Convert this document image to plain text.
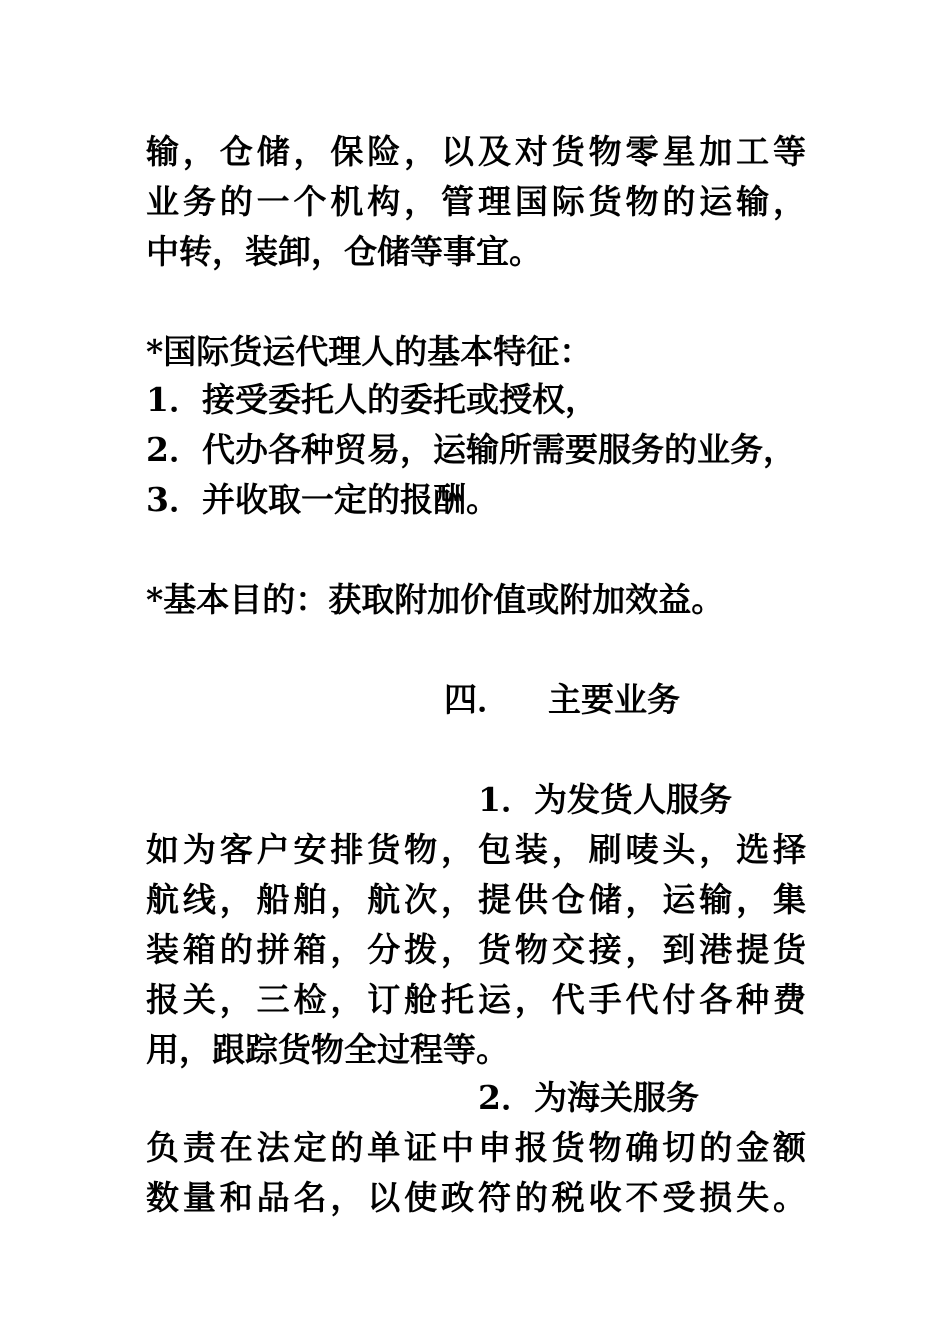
输，仓储，保险，以及对货物零星加工等
业务的一个机构，管理国际货物的运输，
中转，装卸，仓储等事宜。
*国际货运代理人的基本特征：
1．接受委托人的委托或授权，
2．代办各种贸易，运输所需要服务的业务，
3．并收取一定的报酬。
*基本目的：获取附加价值或附加效益。
四． 主要业务
1．为发货人服务
如为客户安排货物，包装，刷唛头，选择
航线，船舶，航次，提供仓储，运输，集
装箱的拼箱，分拨，货物交接，到港提货
报关，三检，订舱托运，代手代付各种费
用，跟踪货物全过程等。
2．为海关服务
负责在法定的单证中申报货物确切的金额
数量和品名，以使政符的税收不受损失。
